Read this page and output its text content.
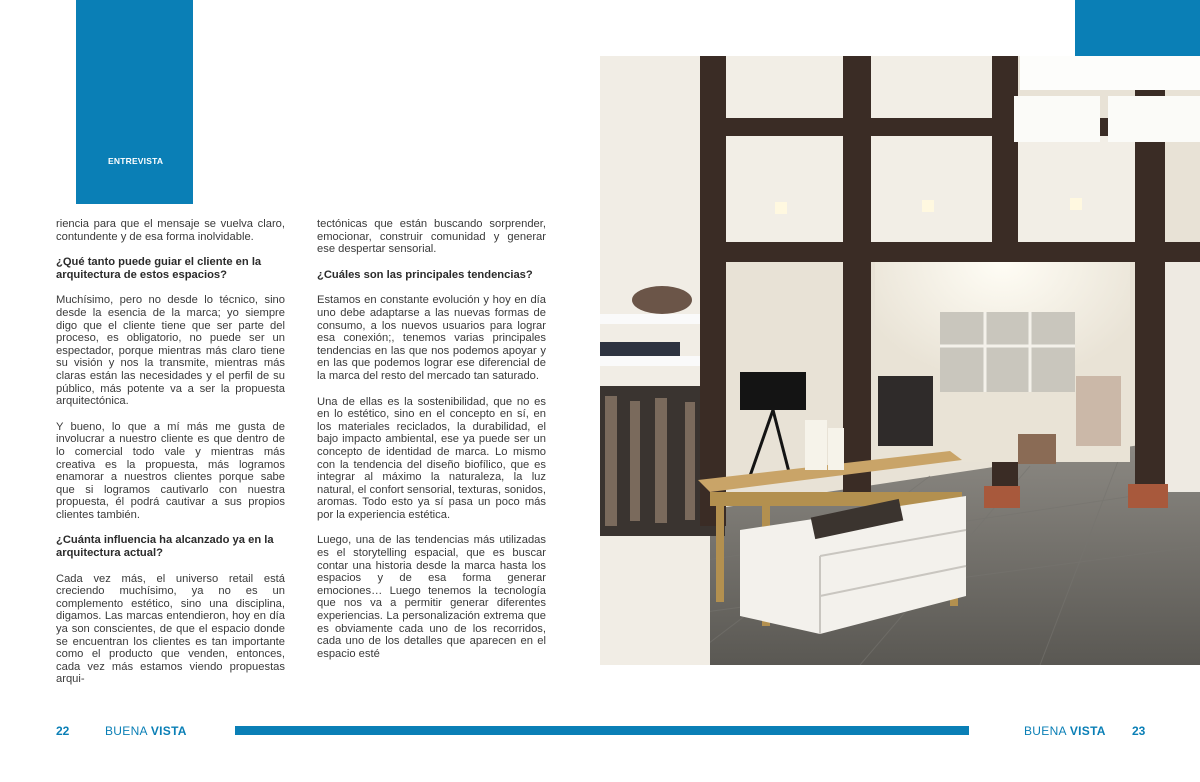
ENTREVISTA

riencia para que el mensaje se vuelva claro, contundente y de esa forma inolvidable.

¿Qué tanto puede guiar el cliente en la arquitectura de estos espacios?

Muchísimo, pero no desde lo técnico, sino desde la esencia de la marca; yo siempre digo que el cliente tiene que ser parte del proceso, es obligatorio, no puede ser un espectador, porque mientras más claro tiene su visión y nos la transmite, mientras más claras están las necesidades y el perfil de su público, más potente va a ser la propuesta arquitectónica.

Y bueno, lo que a mí más me gusta de involucrar a nuestro cliente es que dentro de lo comercial todo vale y mientras más creativa es la propuesta, más logramos enamorar a nuestros clientes porque sabe que si logramos cautivarlo con nuestra propuesta, él podrá cautivar a sus propios clientes también.

¿Cuánta influencia ha alcanzado ya en la arquitectura actual?

Cada vez más, el universo retail está creciendo muchísimo, ya no es un complemento estético, sino una disciplina, digamos. Las marcas entendieron, hoy en día ya son conscientes, de que el espacio donde se encuentran los clientes es tan importante como el producto que venden, entonces, cada vez más estamos viendo propuestas arqui-

tectónicas que están buscando sorprender, emocionar, construir comunidad y generar ese despertar sensorial.

¿Cuáles son las principales tendencias?

Estamos en constante evolución y hoy en día uno debe adaptarse a las nuevas formas de consumo, a los nuevos usuarios para lograr esa conexión;, tenemos varias principales tendencias en las que nos podemos apoyar y en las que podemos lograr ese diferencial de la marca del resto del mercado tan saturado.

Una de ellas es la sostenibilidad, que no es en lo estético, sino en el concepto en sí, en los materiales reciclados, la durabilidad, el bajo impacto ambiental, ese ya puede ser un concepto de identidad de marca. Lo mismo con la tendencia del diseño biofílico, que es integrar al máximo la naturaleza, la luz natural, el confort sensorial, texturas, sonidos, aromas. Todo esto ya sí pasa un poco más por la experiencia estética.

Luego, una de las tendencias más utilizadas es el storytelling espacial, que es buscar contar una historia desde la marca hasta los espacios y de esa forma generar emociones… Luego tenemos la tecnología que nos va a permitir generar diferentes experiencias. La personalización extrema que es obviamente cada uno de los recorridos, cada uno de los detalles que aparecen en el espacio esté

22	BUENA VISTA	BUENA VISTA 23
